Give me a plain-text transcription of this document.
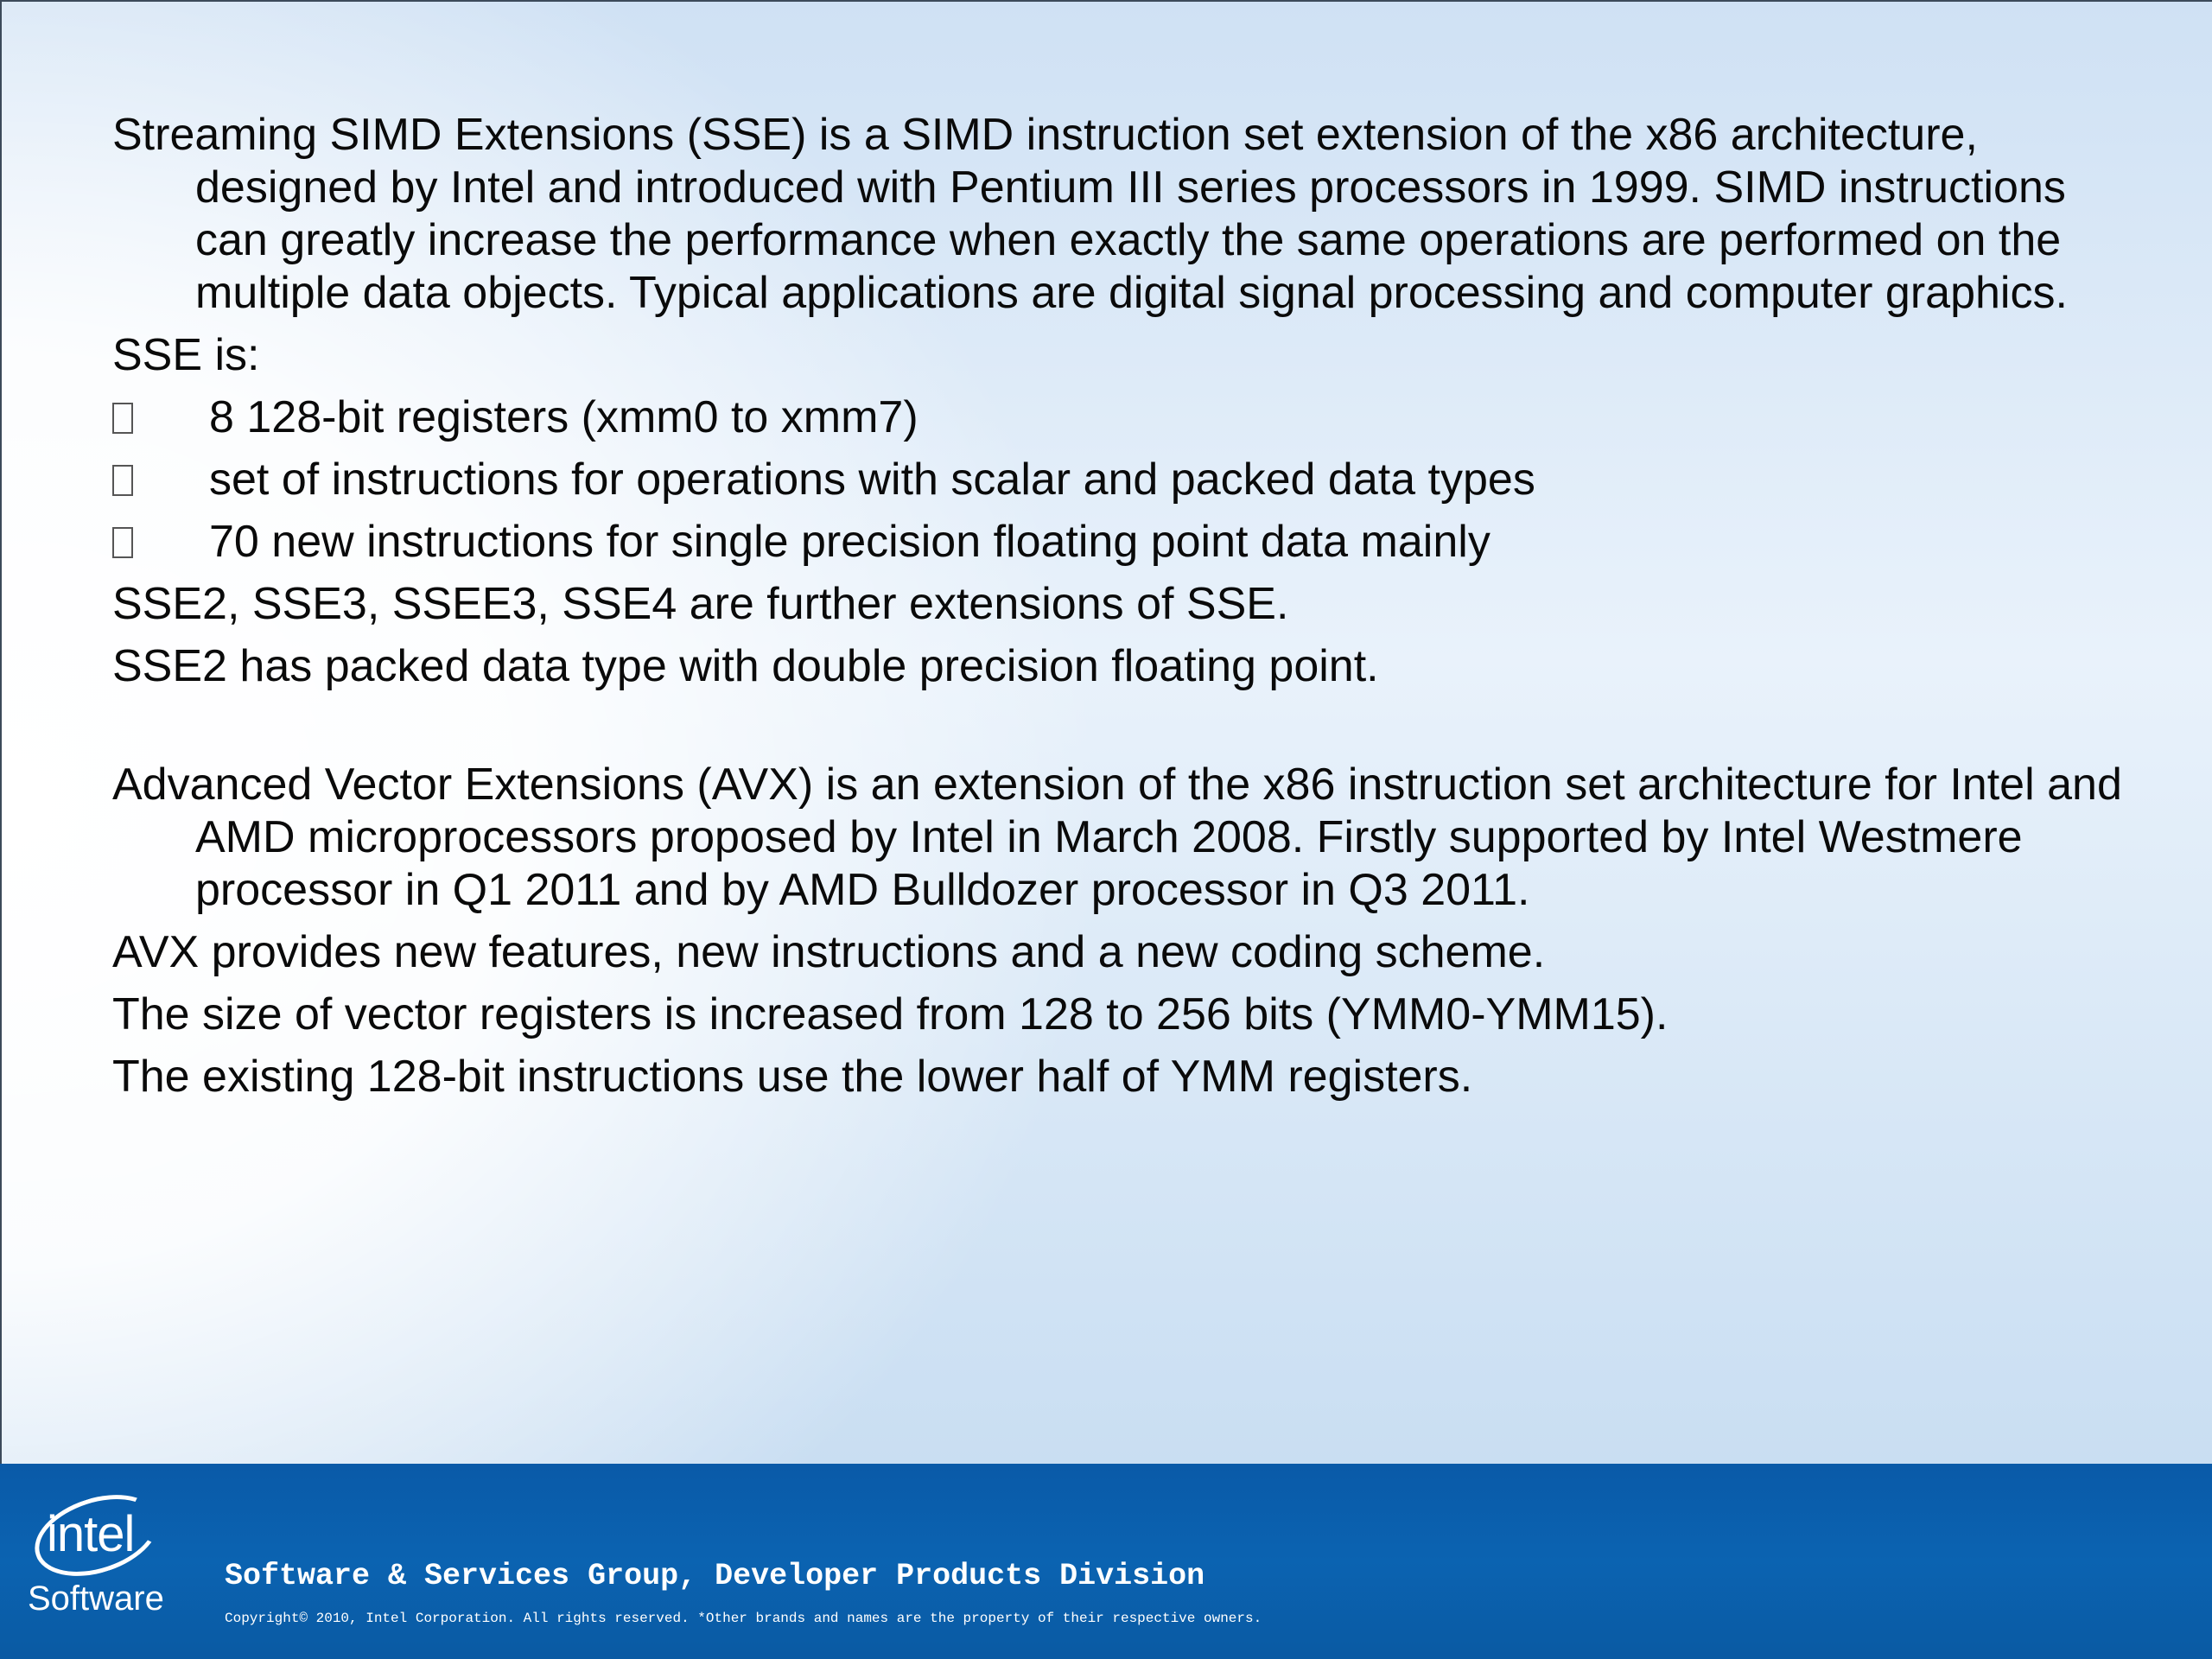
Streaming SIMD Extensions (SSE) is a SIMD instruction set extension of the x86 architecture, designed by Intel and introduced with Pentium III series processors in 1999. SIMD instructions can greatly increase the performance when exactly the same operations are performed on the multiple data objects. Typical applications are digital signal processing and computer graphics.

SSE is:

8 128-bit registers (xmm0 to xmm7)
set of instructions for operations with scalar and packed data types
70 new instructions for single precision floating point data mainly

SSE2, SSE3, SSEE3, SSE4 are further extensions of SSE.

SSE2 has packed data type with double precision floating point.

Advanced Vector Extensions (AVX) is an extension of the x86 instruction set architecture for Intel and AMD microprocessors proposed by Intel in March 2008. Firstly supported by Intel Westmere processor in Q1 2011 and by AMD Bulldozer processor in Q3 2011.

AVX provides new features, new instructions and a new coding scheme.

The size of vector registers is increased from 128 to 256 bits (YMM0-YMM15).

The existing 128-bit instructions use the lower half of YMM registers.

intel
Software
Software & Services Group, Developer Products Division
Copyright© 2010, Intel Corporation. All rights reserved. *Other brands and names are the property of their respective owners.
